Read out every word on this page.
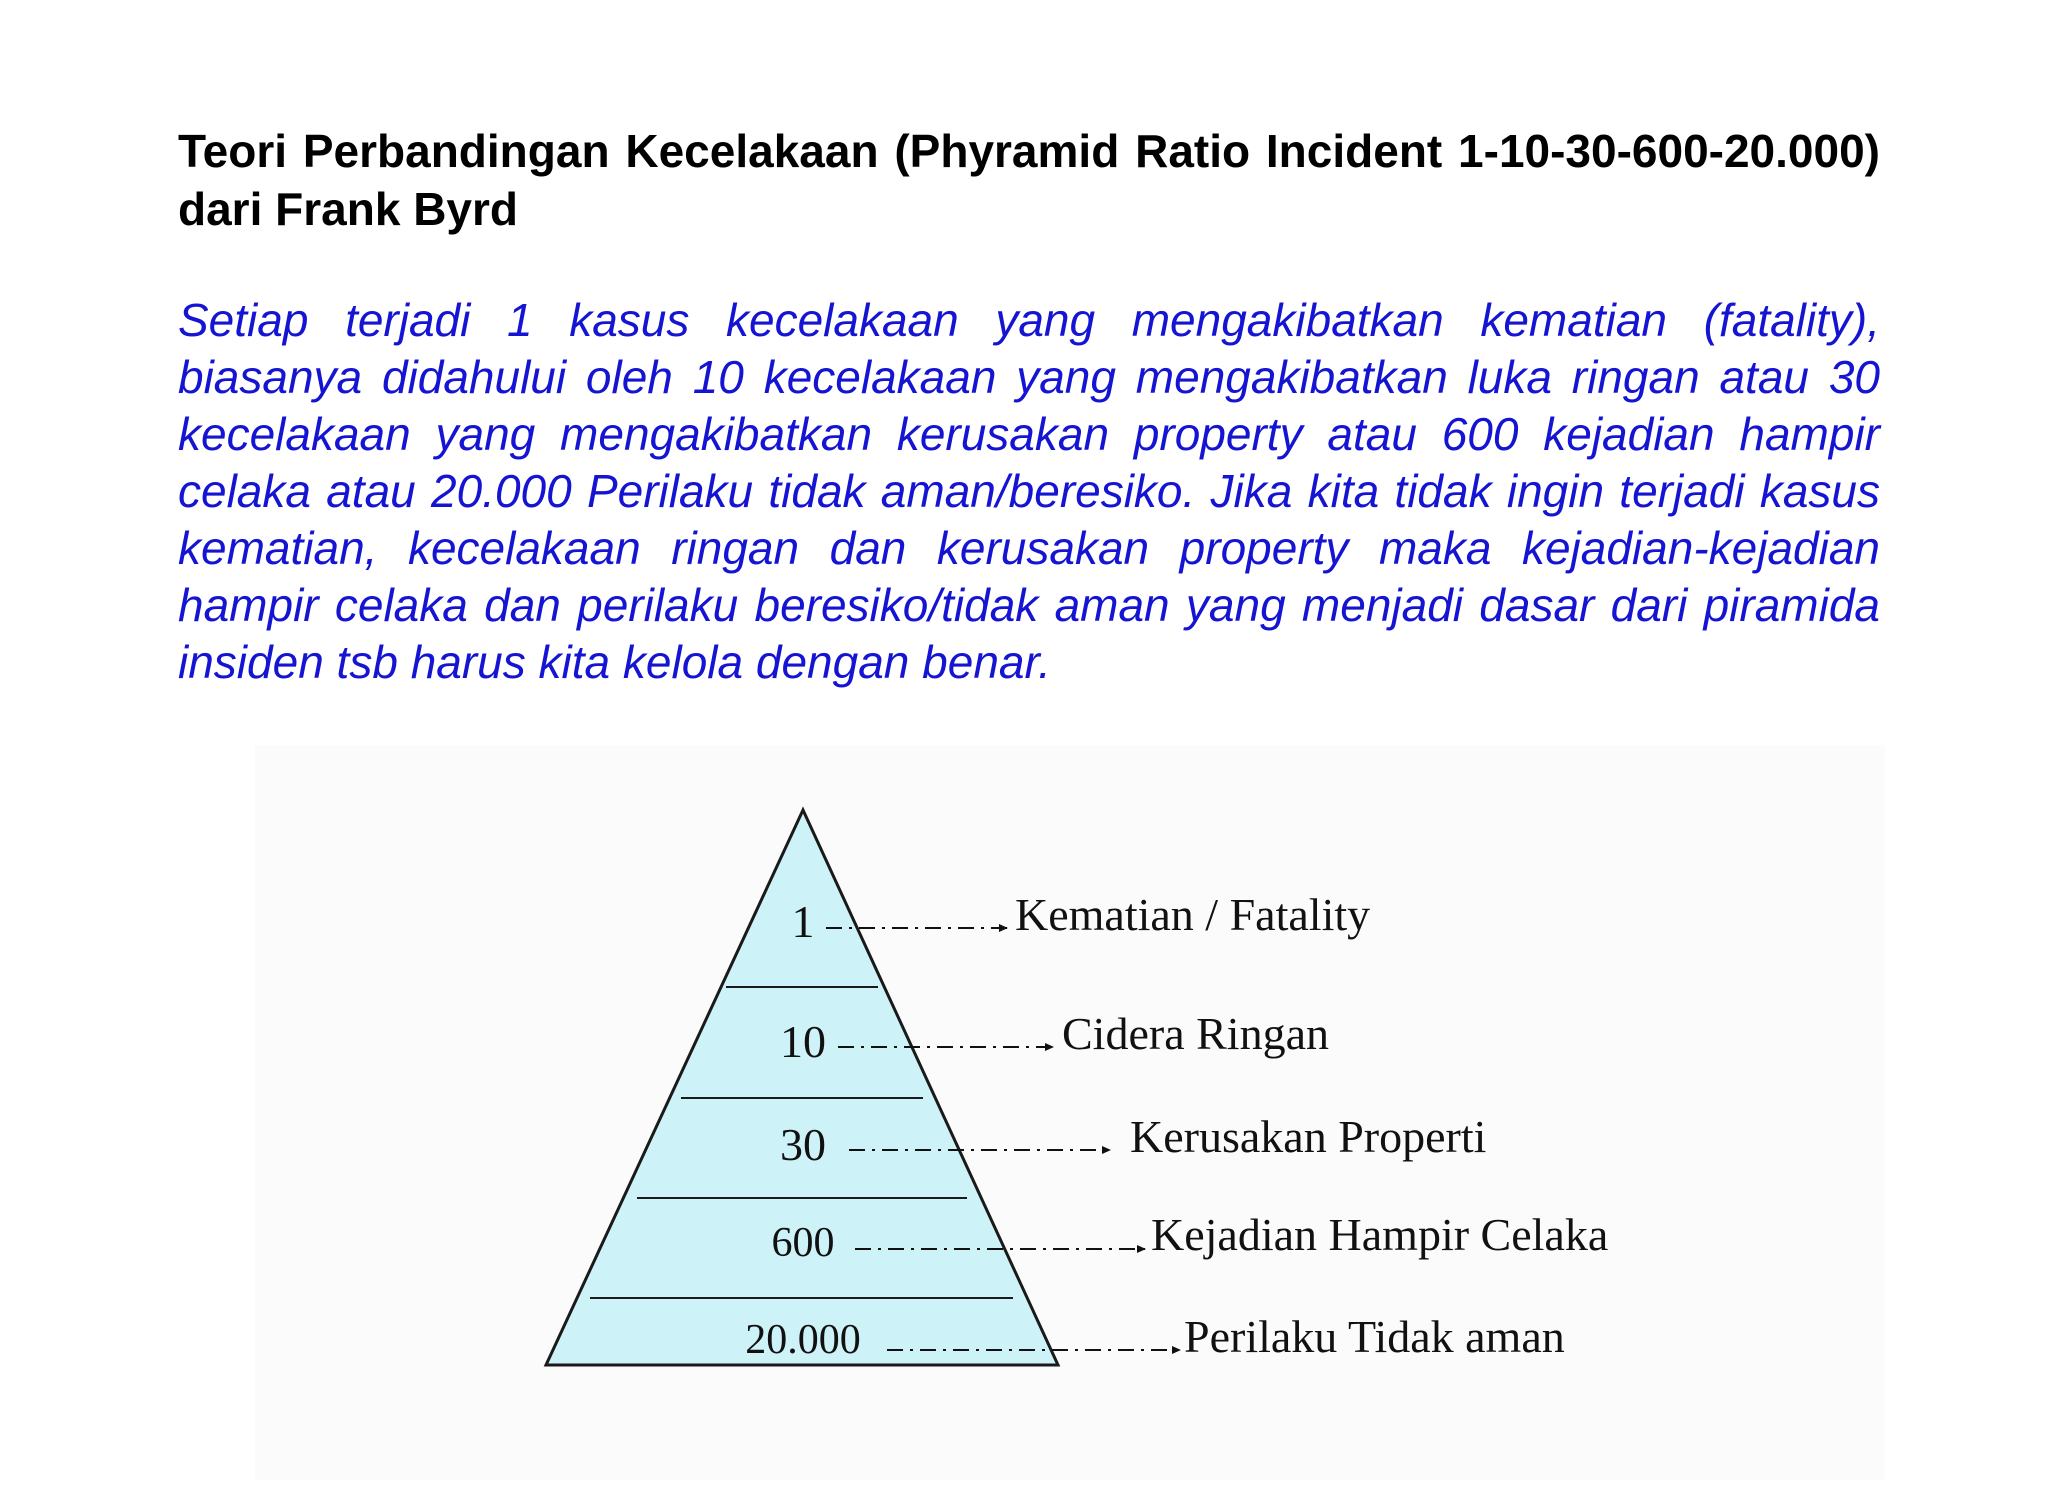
Teori Perbandingan Kecelakaan (Phyramid Ratio Incident 1-10-30-600-20.000) dari Frank Byrd

Setiap terjadi 1 kasus kecelakaan yang mengakibatkan kematian (fatality), biasanya didahului oleh 10 kecelakaan yang mengakibatkan luka ringan atau 30 kecelakaan yang mengakibatkan kerusakan property atau 600 kejadian hampir celaka atau 20.000 Perilaku tidak aman/beresiko. Jika kita tidak ingin terjadi kasus kematian, kecelakaan ringan dan kerusakan property maka kejadian-kejadian hampir celaka dan perilaku beresiko/tidak aman yang menjadi dasar dari piramida insiden tsb harus kita kelola dengan benar.

1	Kematian / Fatality
10	Cidera Ringan
30	Kerusakan Properti
600	Kejadian Hampir Celaka
20.000	Perilaku Tidak aman
